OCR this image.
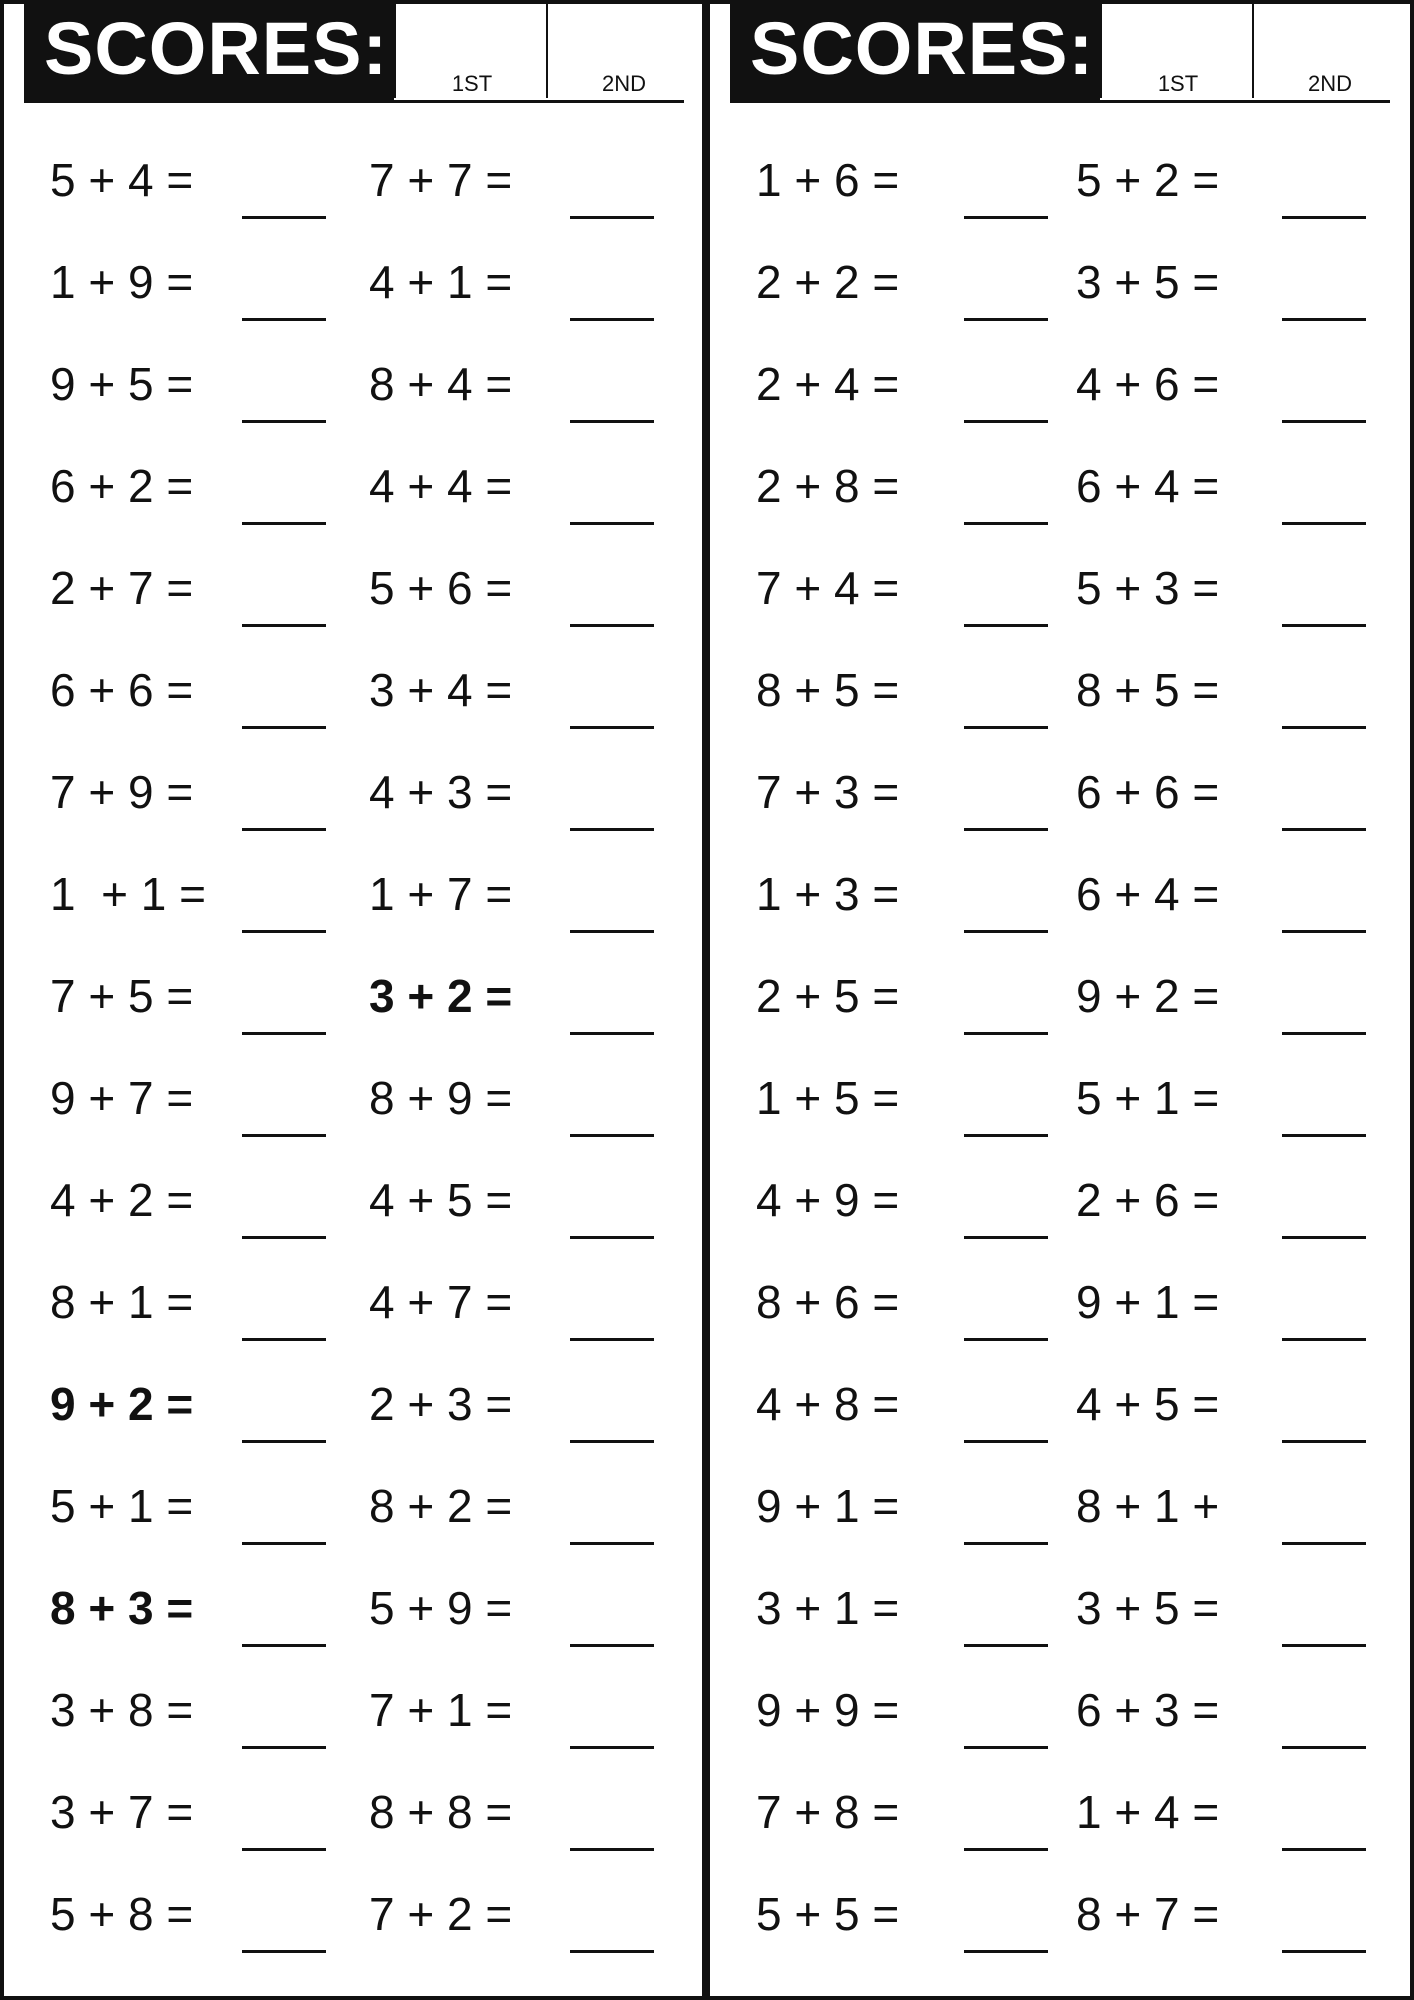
SCORES:	1ST	2ND
5 + 4 =	7 + 7 =
1 + 9 =	4 + 1 =
9 + 5 =	8 + 4 =
6 + 2 =	4 + 4 =
2 + 7 =	5 + 6 =
6 + 6 =	3 + 4 =
7 + 9 =	4 + 3 =
1  + 1 =	1 + 7 =
7 + 5 =	3 + 2 =
9 + 7 =	8 + 9 =
4 + 2 =	4 + 5 =
8 + 1 =	4 + 7 =
9 + 2 =	2 + 3 =
5 + 1 =	8 + 2 =
8 + 3 =	5 + 9 =
3 + 8 =	7 + 1 =
3 + 7 =	8 + 8 =
5 + 8 =	7 + 2 =
SCORES:	1ST	2ND
1 + 6 =	5 + 2 =
2 + 2 =	3 + 5 =
2 + 4 =	4 + 6 =
2 + 8 =	6 + 4 =
7 + 4 =	5 + 3 =
8 + 5 =	8 + 5 =
7 + 3 =	6 + 6 =
1 + 3 =	6 + 4 =
2 + 5 =	9 + 2 =
1 + 5 =	5 + 1 =
4 + 9 =	2 + 6 =
8 + 6 =	9 + 1 =
4 + 8 =	4 + 5 =
9 + 1 =	8 + 1 +
3 + 1 =	3 + 5 =
9 + 9 =	6 + 3 =
7 + 8 =	1 + 4 =
5 + 5 =	8 + 7 =
